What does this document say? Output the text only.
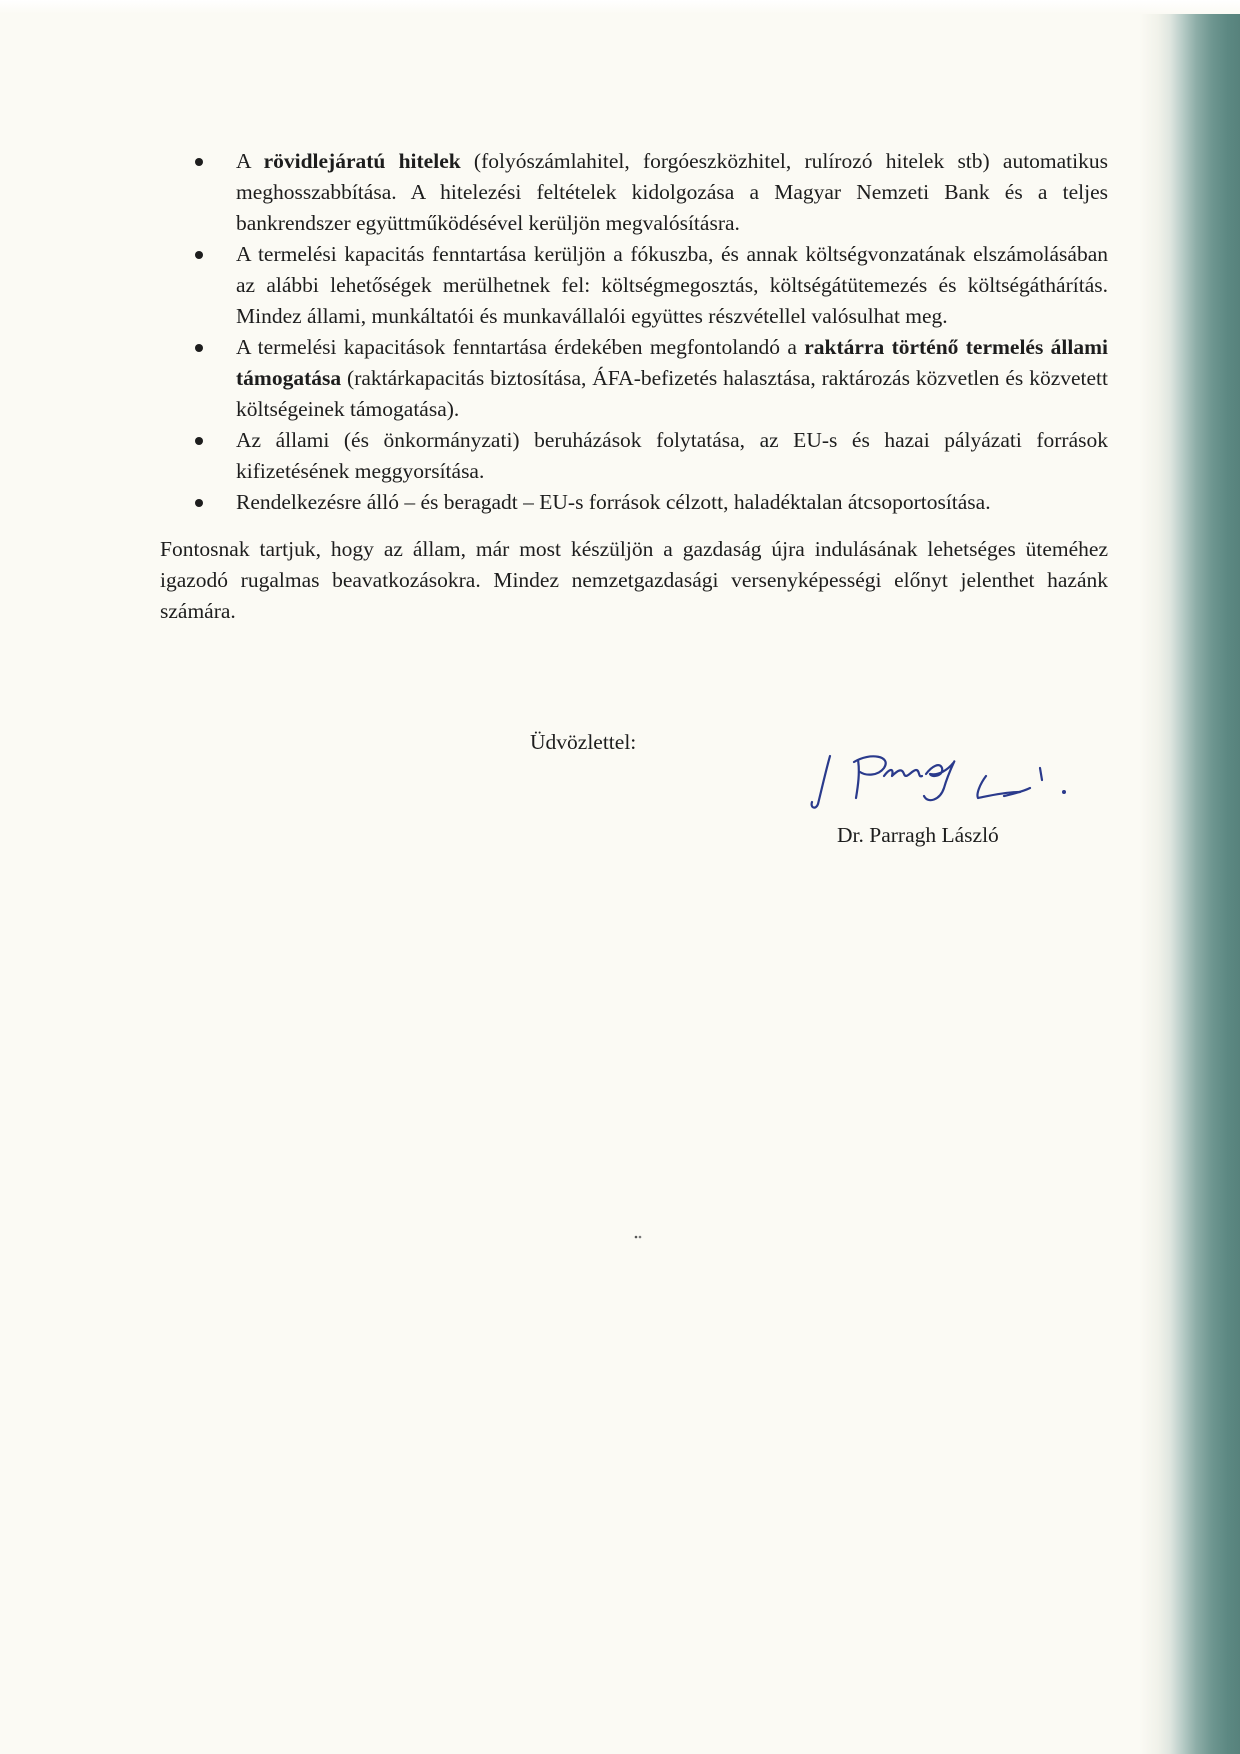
A rövidlejáratú hitelek (folyószámlahitel, forgóeszközhitel, rulírozó hitelek stb) automatikus meghosszabbítása. A hitelezési feltételek kidolgozása a Magyar Nemzeti Bank és a teljes bankrendszer együttműködésével kerüljön megvalósításra.
A termelési kapacitás fenntartása kerüljön a fókuszba, és annak költségvonzatának elszámolásában az alábbi lehetőségek merülhetnek fel: költségmegosztás, költségátütemezés és költségáthárítás. Mindez állami, munkáltatói és munkavállalói együttes részvétellel valósulhat meg.
A termelési kapacitások fenntartása érdekében megfontolandó a raktárra történő termelés állami támogatása (raktárkapacitás biztosítása, ÁFA-befizetés halasztása, raktározás közvetlen és közvetett költségeinek támogatása).
Az állami (és önkormányzati) beruházások folytatása, az EU-s és hazai pályázati források kifizetésének meggyorsítása.
Rendelkezésre álló – és beragadt – EU-s források célzott, haladéktalan átcsoportosítása.

Fontosnak tartjuk, hogy az állam, már most készüljön a gazdaság újra indulásának lehetséges üteméhez igazodó rugalmas beavatkozásokra. Mindez nemzetgazdasági versenyképességi előnyt jelenthet hazánk számára.

Üdvözlettel:
Dr. Parragh László
